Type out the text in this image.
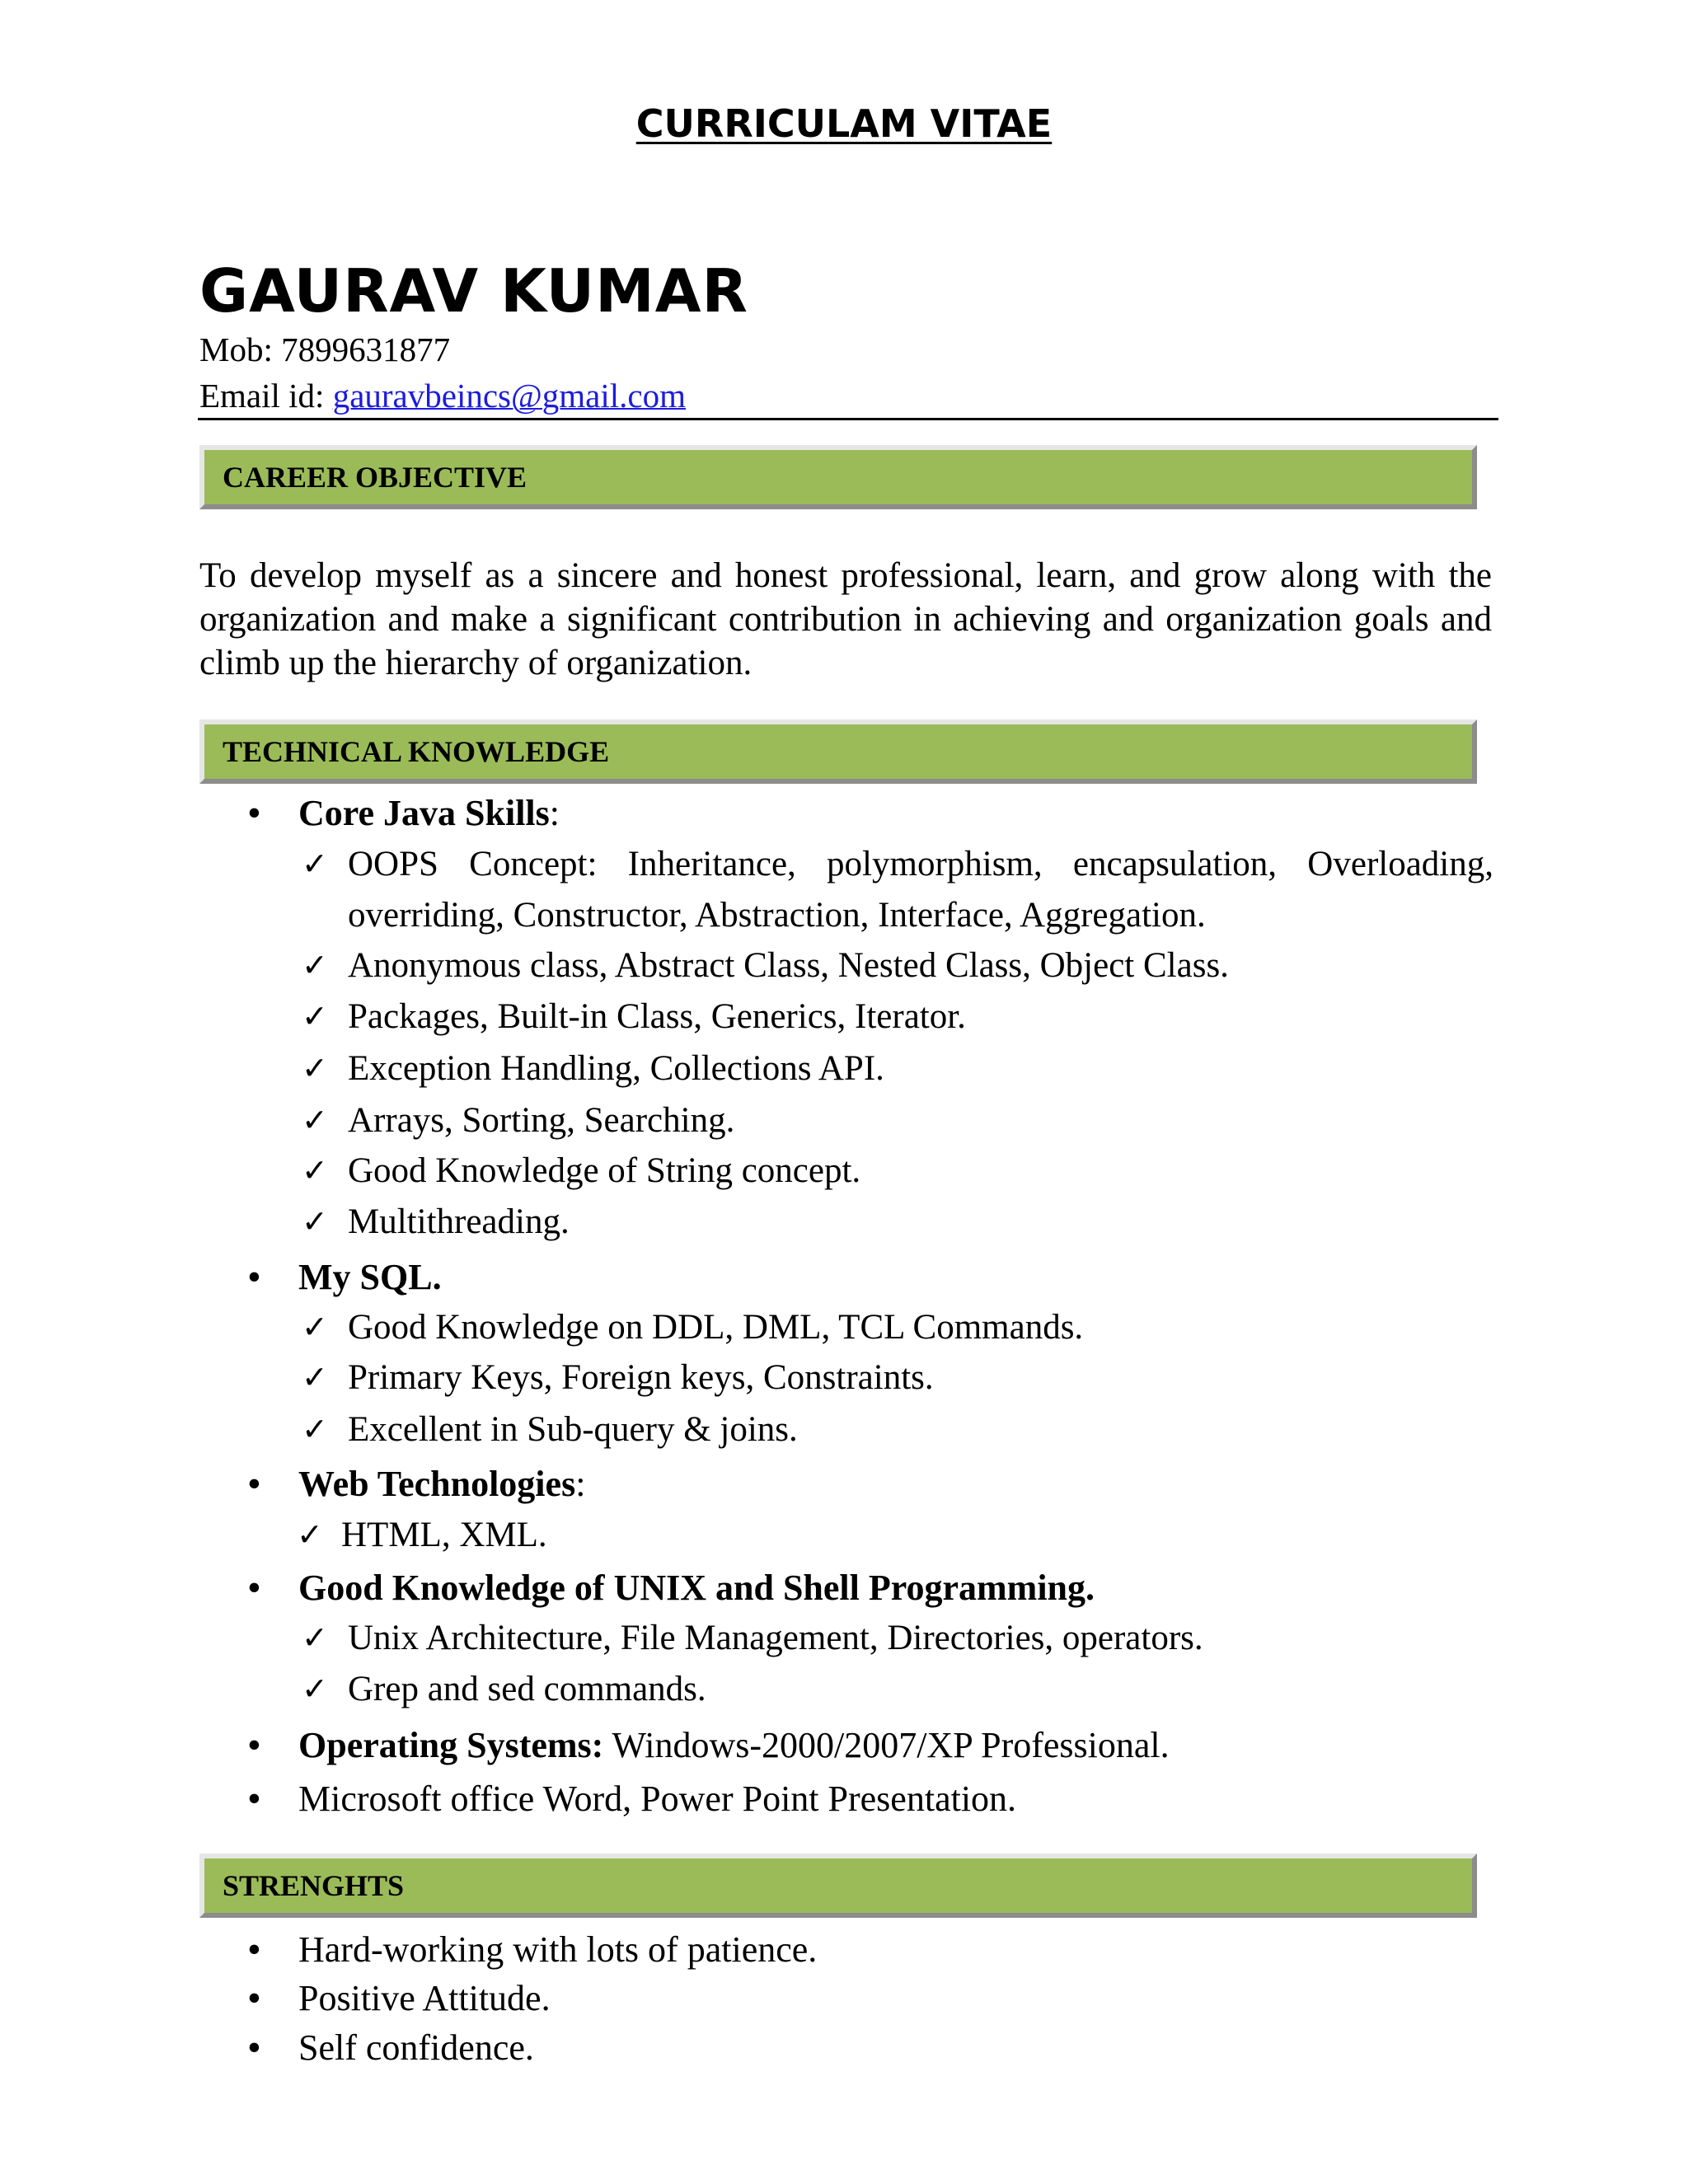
CURRICULAM VITAE
GAURAV KUMAR
Mob: 7899631877
Email id: gauravbeincs@gmail.com
CAREER OBJECTIVE
To develop myself as a sincere and honest professional, learn, and grow along with the organization and make a significant contribution in achieving and organization goals and climb up the hierarchy of organization.
TECHNICAL KNOWLEDGE
• Core Java Skills:
✓ OOPS Concept: Inheritance, polymorphism, encapsulation, Overloading, overriding, Constructor, Abstraction, Interface, Aggregation.
✓ Anonymous class, Abstract Class, Nested Class, Object Class.
✓ Packages, Built-in Class, Generics, Iterator.
✓ Exception Handling, Collections API.
✓ Arrays, Sorting, Searching.
✓ Good Knowledge of String concept.
✓ Multithreading.
• My SQL.
✓ Good Knowledge on DDL, DML, TCL Commands.
✓ Primary Keys, Foreign keys, Constraints.
✓ Excellent in Sub-query & joins.
• Web Technologies:
✓ HTML, XML.
• Good Knowledge of UNIX and Shell Programming.
✓ Unix Architecture, File Management, Directories, operators.
✓ Grep and sed commands.
• Operating Systems: Windows-2000/2007/XP Professional.
• Microsoft office Word, Power Point Presentation.
STRENGHTS
• Hard-working with lots of patience.
• Positive Attitude.
• Self confidence.
